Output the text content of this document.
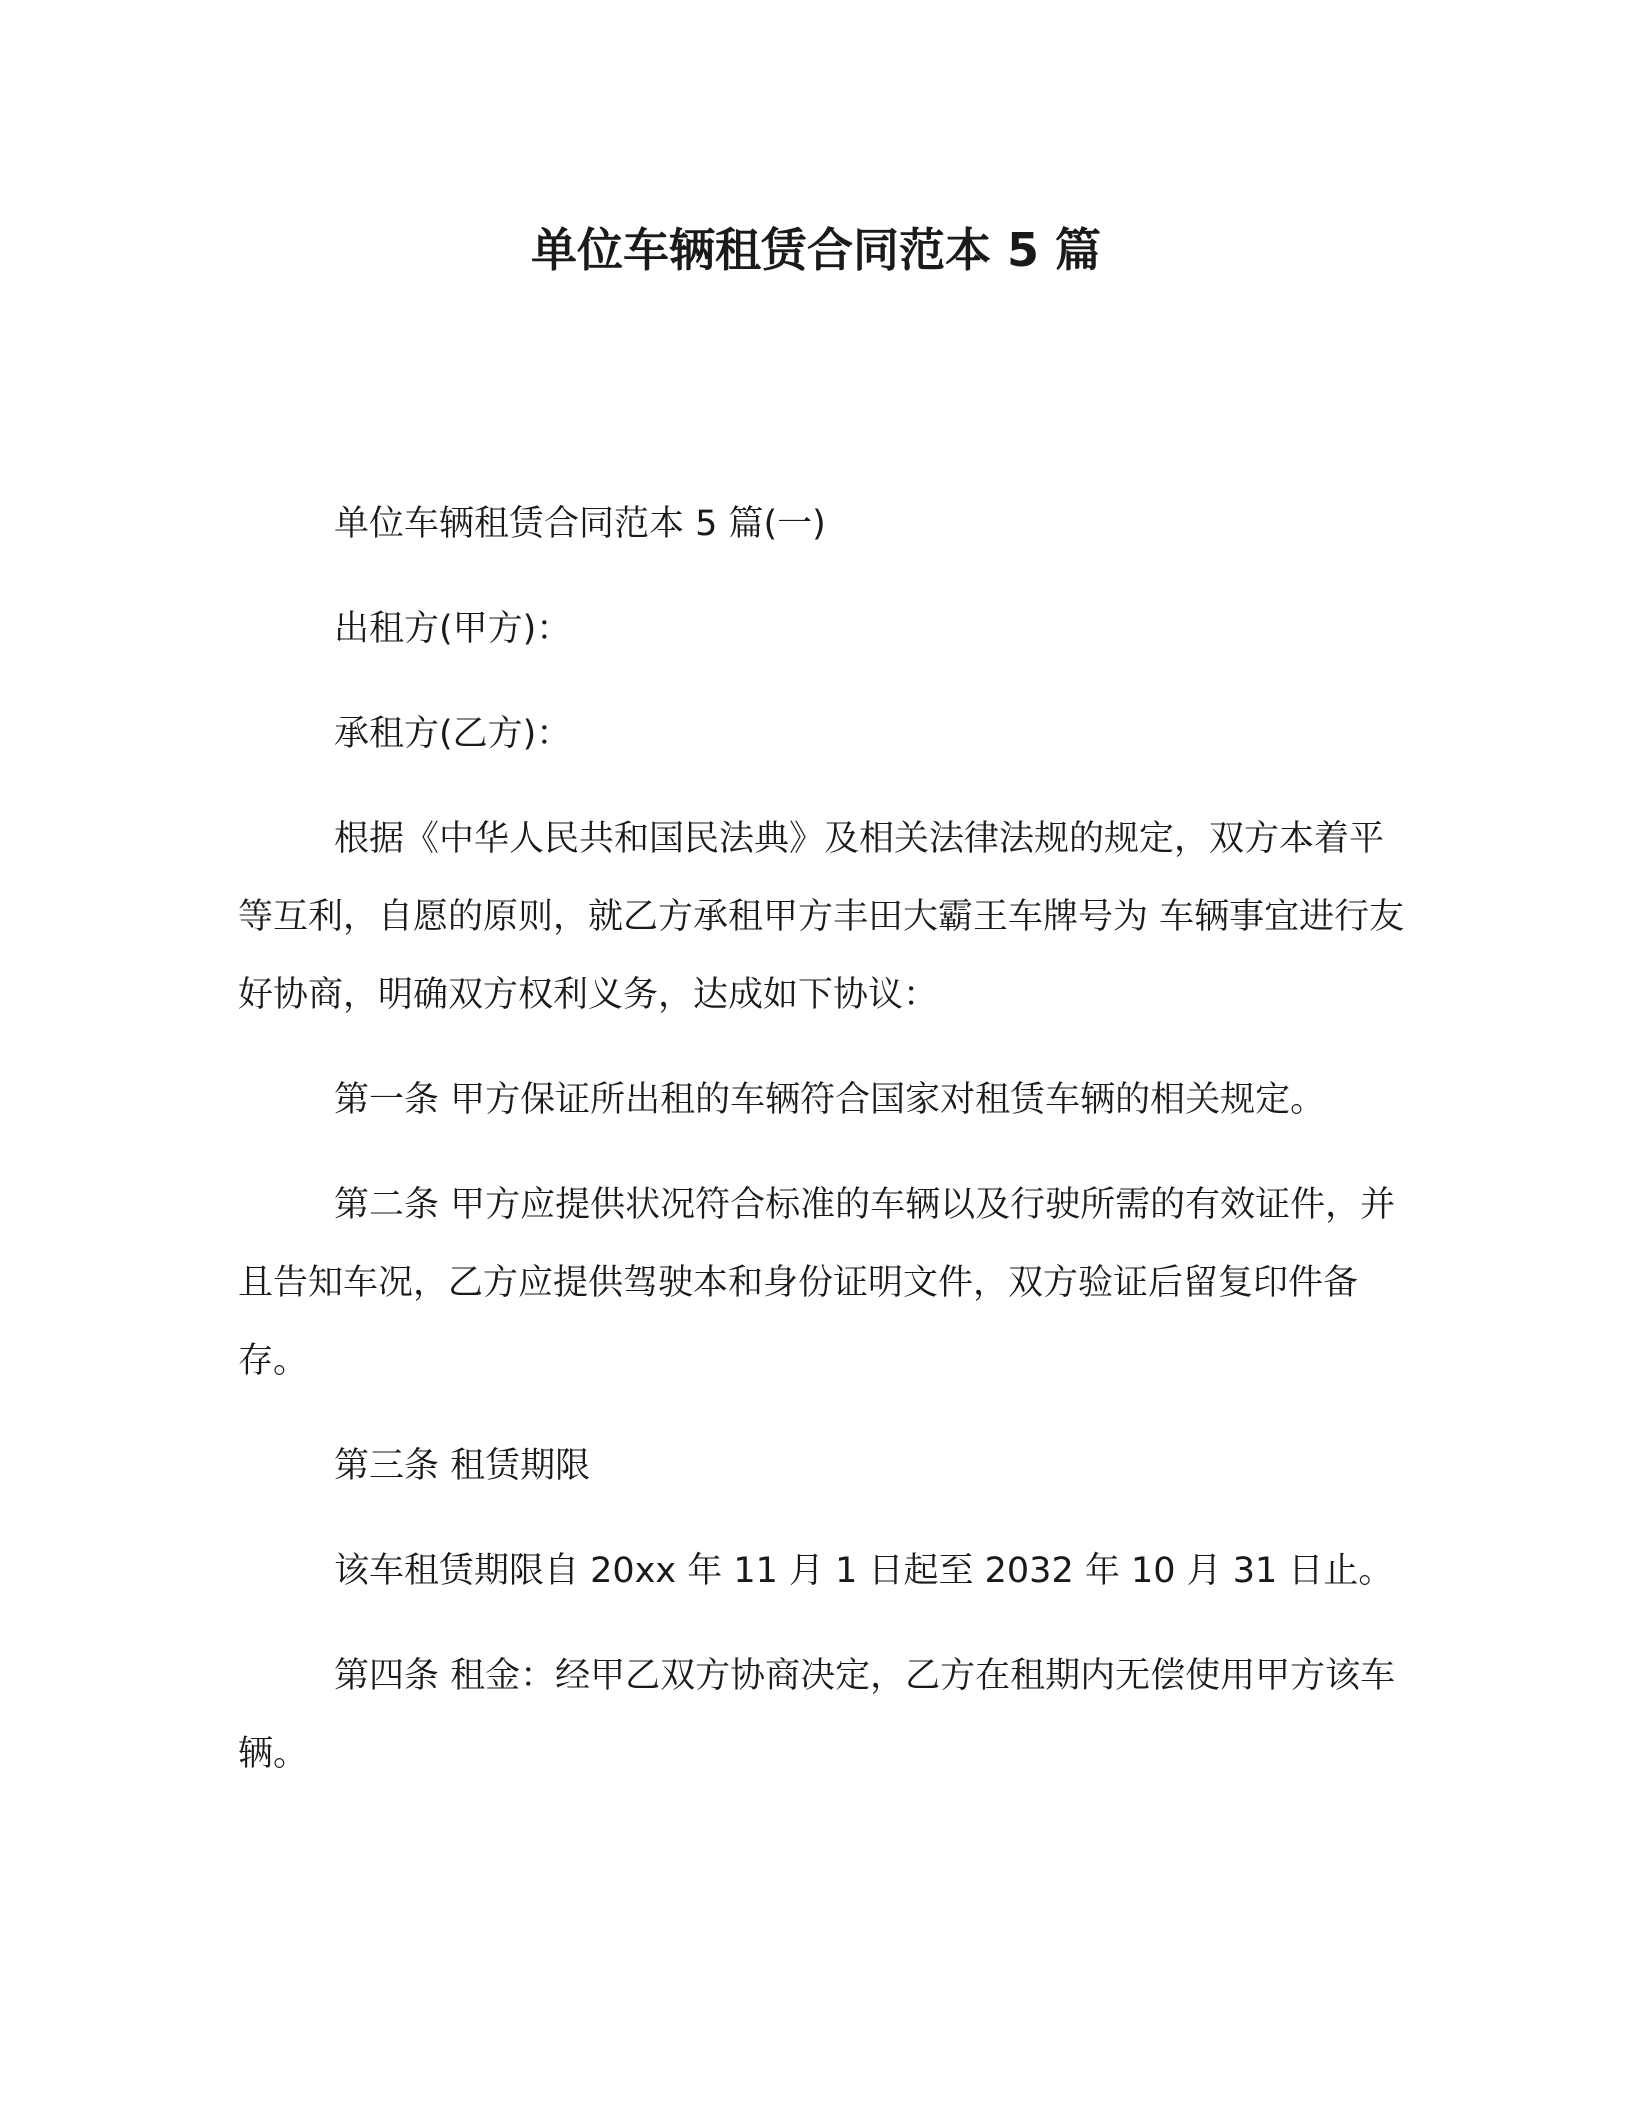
单位车辆租赁合同范本 5 篇

单位车辆租赁合同范本 5 篇(一)

出租方(甲方)：

承租方(乙方)：

根据《中华人民共和国民法典》及相关法律法规的规定，双方本着平等互利，自愿的原则，就乙方承租甲方丰田大霸王车牌号为 车辆事宜进行友好协商，明确双方权利义务，达成如下协议：

第一条 甲方保证所出租的车辆符合国家对租赁车辆的相关规定。

第二条 甲方应提供状况符合标准的车辆以及行驶所需的有效证件，并且告知车况，乙方应提供驾驶本和身份证明文件，双方验证后留复印件备存。

第三条 租赁期限

该车租赁期限自 20xx 年 11 月 1 日起至 2032 年 10 月 31 日止。

第四条 租金：经甲乙双方协商决定，乙方在租期内无偿使用甲方该车辆。
